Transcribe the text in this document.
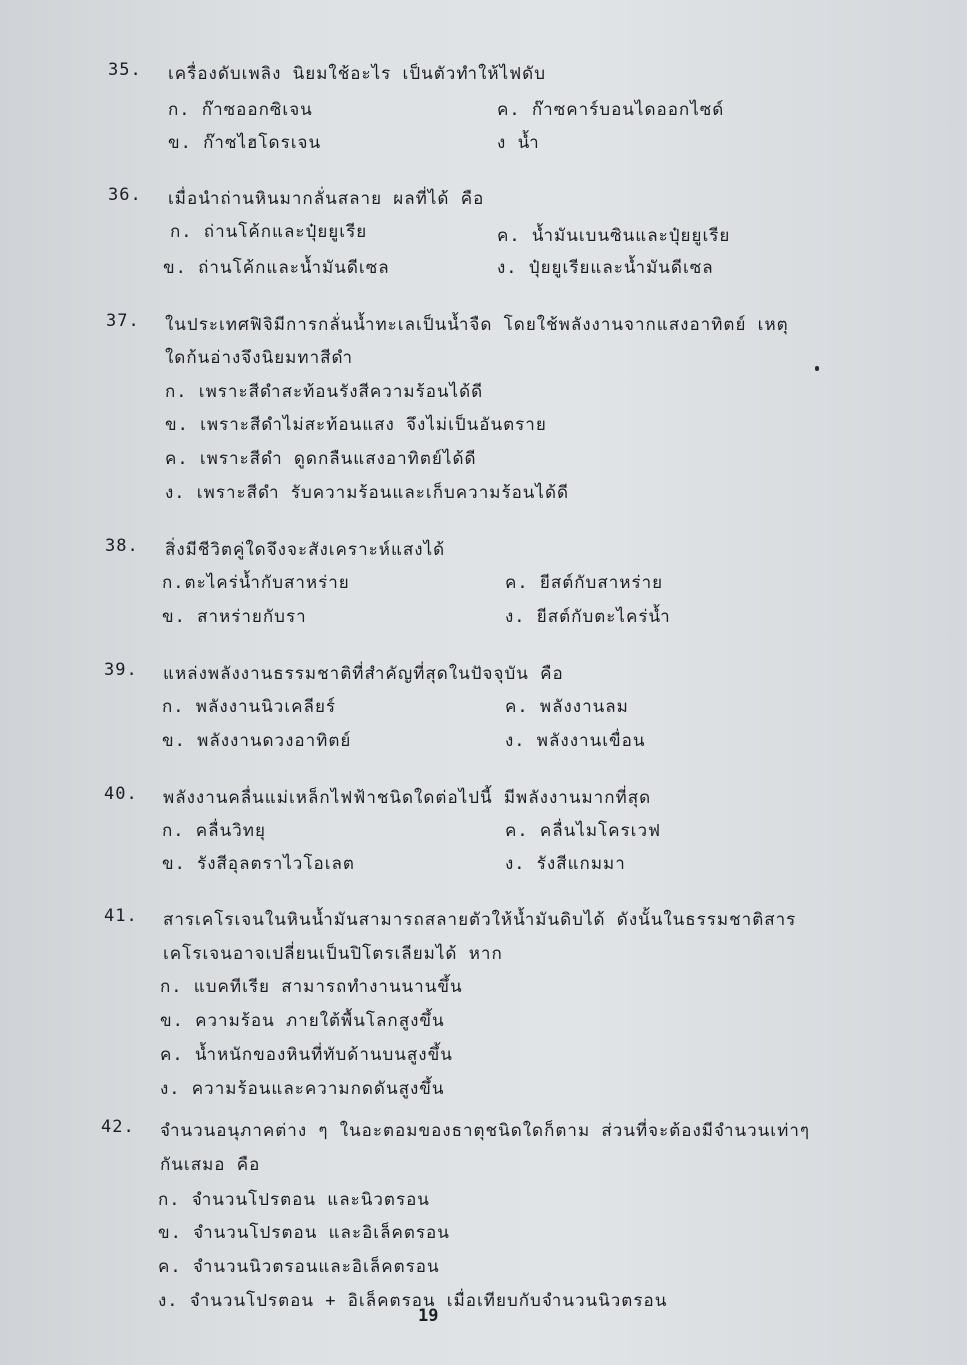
35. เครื่องดับเพลิง นิยมใช้อะไร เป็นตัวทำให้ไฟดับ
ก. ก๊าซออกซิเจน
ข. ก๊าซไฮโดรเจน
ค. ก๊าซคาร์บอนไดออกไซด์
ง น้ำ
36. เมื่อนำถ่านหินมากลั่นสลาย ผลที่ได้ คือ
ก. ถ่านโค้กและปุ๋ยยูเรีย
ข. ถ่านโค้กและน้ำมันดีเซล
ค. น้ำมันเบนซินและปุ๋ยยูเรีย
ง. ปุ๋ยยูเรียและน้ำมันดีเซล
37. ในประเทศฟิจิมีการกลั่นน้ำทะเลเป็นน้ำจืด โดยใช้พลังงานจากแสงอาทิตย์ เหตุ
ใดก้นอ่างจึงนิยมทาสีดำ
ก. เพราะสีดำสะท้อนรังสีความร้อนได้ดี
ข. เพราะสีดำไม่สะท้อนแสง จึงไม่เป็นอันตราย
ค. เพราะสีดำ ดูดกลืนแสงอาทิตย์ได้ดี
ง. เพราะสีดำ รับความร้อนและเก็บความร้อนได้ดี
38. สิ่งมีชีวิตคู่ใดจึงจะสังเคราะห์แสงได้
ก.ตะไคร่น้ำกับสาหร่าย
ข. สาหร่ายกับรา
ค. ยีสต์กับสาหร่าย
ง. ยีสต์กับตะไคร่น้ำ
39. แหล่งพลังงานธรรมชาติที่สำคัญที่สุดในปัจจุบัน คือ
ก. พลังงานนิวเคลียร์
ข. พลังงานดวงอาทิตย์
ค. พลังงานลม
ง. พลังงานเขื่อน
40. พลังงานคลื่นแม่เหล็กไฟฟ้าชนิดใดต่อไปนี้ มีพลังงานมากที่สุด
ก. คลื่นวิทยุ
ข. รังสีอุลตราไวโอเลต
ค. คลื่นไมโครเวฟ
ง. รังสีแกมมา
41. สารเคโรเจนในหินน้ำมันสามารถสลายตัวให้น้ำมันดิบได้ ดังนั้นในธรรมชาติสาร
เคโรเจนอาจเปลี่ยนเป็นปิโตรเลียมได้ หาก
ก. แบคทีเรีย สามารถทำงานนานขึ้น
ข. ความร้อน ภายใต้พื้นโลกสูงขึ้น
ค. น้ำหนักของหินที่ทับด้านบนสูงขึ้น
ง. ความร้อนและความกดดันสูงขึ้น
42. จำนวนอนุภาคต่าง ๆ ในอะตอมของธาตุชนิดใดก็ตาม ส่วนที่จะต้องมีจำนวนเท่าๆ
กันเสมอ คือ
ก. จำนวนโปรตอน และนิวตรอน
ข. จำนวนโปรตอน และอิเล็คตรอน
ค. จำนวนนิวตรอนและอิเล็คตรอน
ง. จำนวนโปรตอน + อิเล็คตรอน เมื่อเทียบกับจำนวนนิวตรอน
19
